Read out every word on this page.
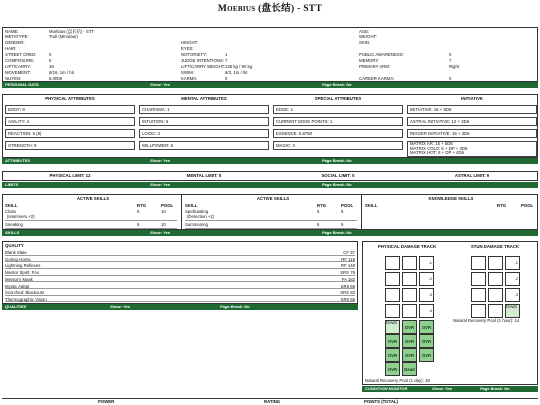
Moebius (盘长结) - STT
NAME:	Moebius (盘长结) - STT	AGE:
METATYPE:	Troll (Minotaur)	WEIGHT:
GENDER:	HEIGHT:	SKIN:
HAIR:	EYES:
STREET CRED:	0	NOTORIETY:	1	PUBLIC AWARENESS:	0
COMPOSURE:	6	JUDGE INTENTIONS: 7	MEMORY:	7
LIFT/CARRY:	18	LIFT/CARRY WEIGHT: 135 kg / 90 kg	PRIMARY ARM:	Right
MOVEMENT:	8/16, 1m / hit	SWIM:	6/3, 1m / hit
NUYEN:	6,000¥	KARMA:	0	CAREER KARMA:	0
PERSONAL DATA	Show: Yes	Page Break: No
PHYSICAL ATTRIBUTES	MENTAL ATTRIBUTES	SPECIAL ATTRIBUTES	INITIATIVE
BODY: 9
AGILITY: 4
REACTION: 5 (8)
STRENGTH: 9
CHARISMA: 1
INTUITION: 6
LOGIC: 2
WILLPOWER: 5
EDGE: 1
CURRENT EDGE POINTS: 1
ESSENCE: 5.8750
MAGIC: 3
INITIATIVE: 15 + 5D6
ASTRAL INITIATIVE: 12 + 3D6
RIGGER INITIATIVE: 15 + 3D6
MATRIX AR: 15 + 5D6
MATRIX COLD: 6 + DP + 3D6
MATRIX HOT: 6 + DP + 4D6
ATTRIBUTES	Show: Yes	Page Break: No
PHYSICAL LIMIT: 12	MENTAL LIMIT: 5	SOCIAL LIMIT: 5	ASTRAL LIMIT: 9
LIMITS	Show: Yes	Page Break: No
ACTIVE SKILLS	ACTIVE SKILLS	KNOWLEDGE SKILLS
SKILL	RTG	POOL
Clubs
(Hammers +2)
6	10
Sneaking	6	10
SKILL	RTG	POOL
Spellcasting
(Detection +2)
6	9
Summoning	6	9
SKILL	RTG	POOL
SKILLS	Show: Yes	Page Break: No
QUALITY
Blank Slate	CF 57
Goring Horns	RF 115
Lightning Reflexes	RF 148
Mentor Spirit: Fox	SRS 76
Mentor's Mask	FA 182
Mystic Adept	SR5 69
Scorched: Blackouts	SRS 83
Thermographic Vision	SR5 66
QUALITIES	Show: Yes	Page Break: No
PHYSICAL DAMAGE TRACK	STUN DAMAGE TRACK
-1
-2
-3
-4
Down
OVR	OVR
OVR	OVR	OVR
OVR	OVR	OVR
OVR	Dead
-1
-2
-3
Down
Natural Recovery Pool (1 hour): 14
Natural Recovery Pool (1 day): 18
CONDITION MONITOR	Show: Yes	Page Break: No
POWER	RATING	POINTS (TOTAL)
